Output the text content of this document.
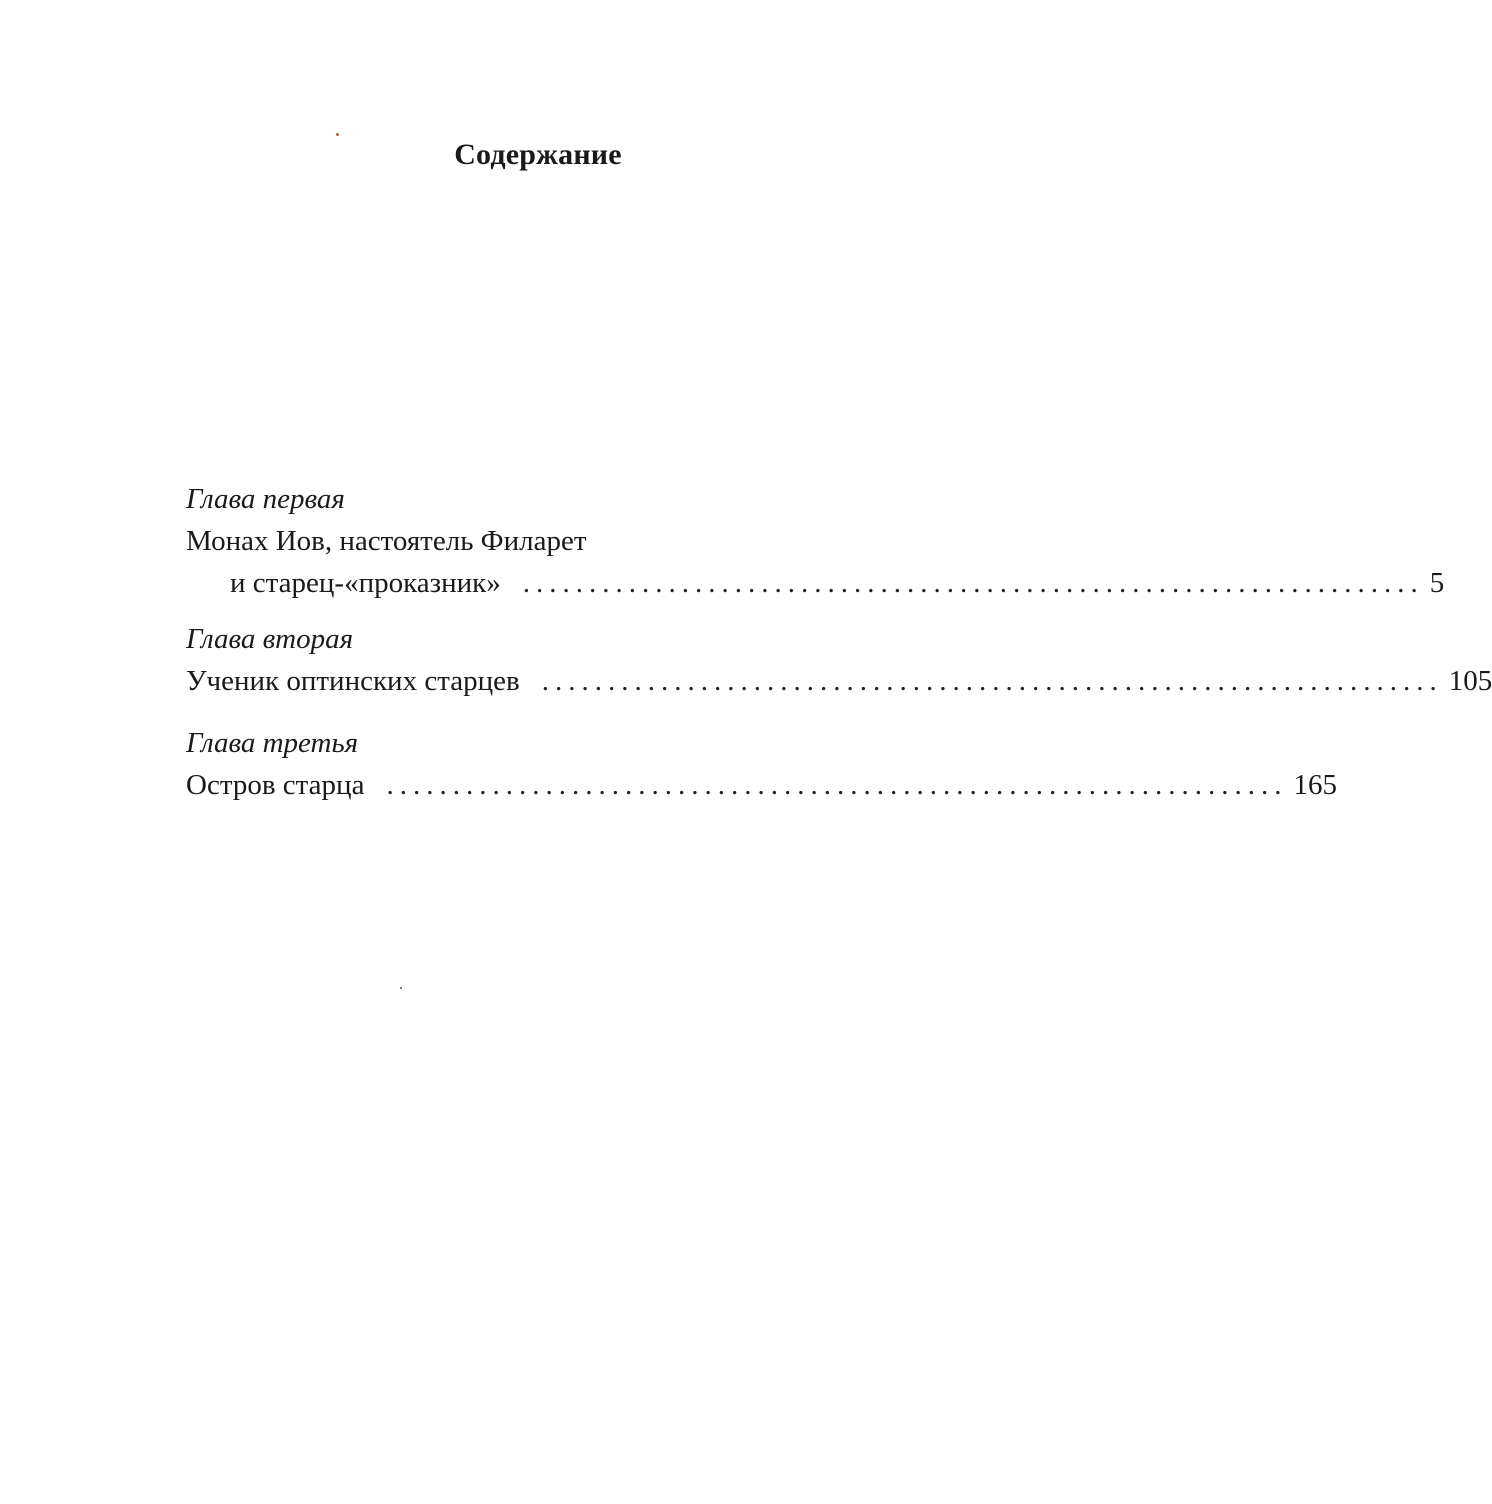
Содержание
Глава первая
Монах Иов, настоятель Филарет
и старец-«проказник» .................................................................... 5
Глава вторая
Ученик оптинских старцев .................................................................... 105
Глава третья
Остров старца .................................................................... 165
